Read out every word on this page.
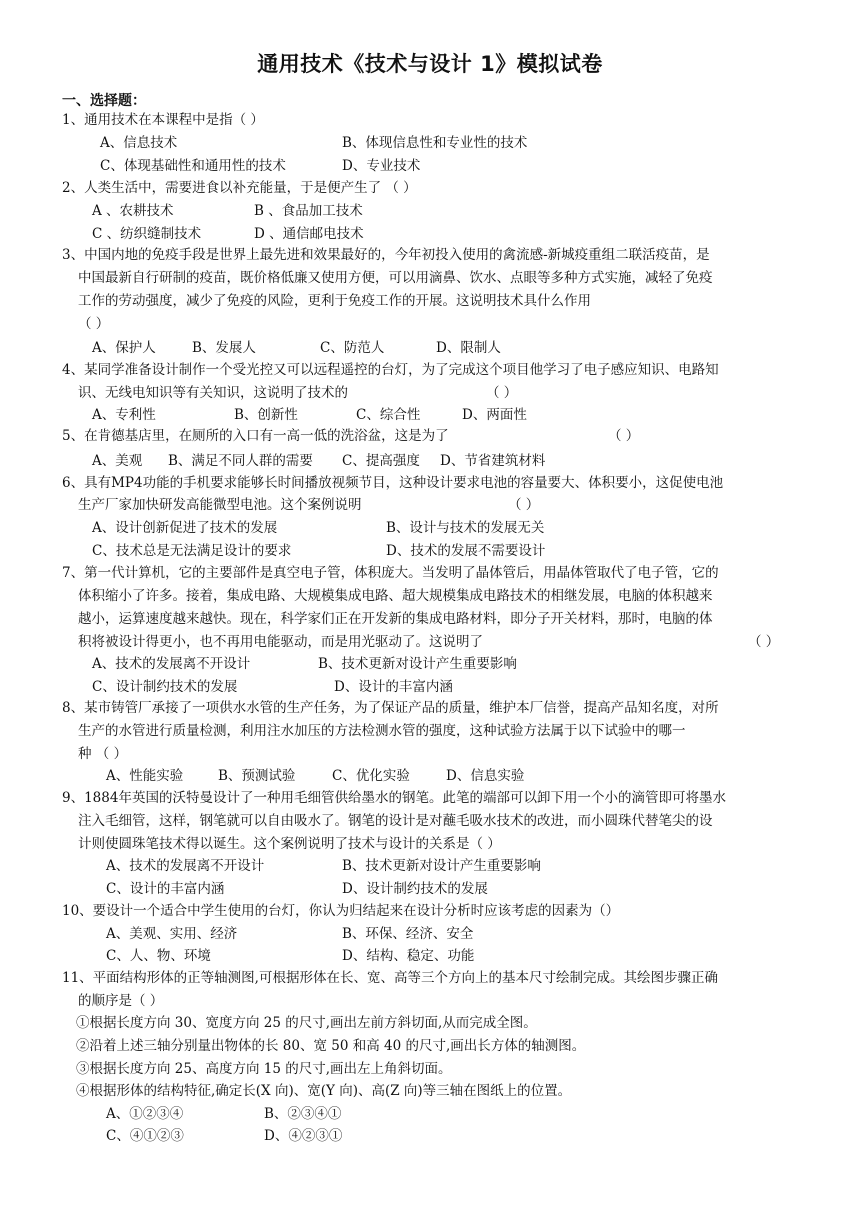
通用技术《技术与设计 1》模拟试卷
一、选择题：
1、通用技术在本课程中是指（ ）
A、信息技术	B、体现信息性和专业性的技术
C、体现基础性和通用性的技术	D、专业技术
2、人类生活中，需要进食以补充能量，于是便产生了 （ ）
A 、农耕技术	B 、食品加工技术
C 、纺织缝制技术	D 、通信邮电技术
3、中国内地的免疫手段是世界上最先进和效果最好的，今年初投入使用的禽流感-新城疫重组二联活疫苗，是
中国最新自行研制的疫苗，既价格低廉又使用方便，可以用滴鼻、饮水、点眼等多种方式实施，减轻了免疫
工作的劳动强度，减少了免疫的风险，更利于免疫工作的开展。这说明技术具什么作用
（ ）
A、保护人	B、发展人	C、防范人	D、限制人
4、某同学准备设计制作一个受光控又可以远程遥控的台灯，为了完成这个项目他学习了电子感应知识、电路知
识、无线电知识等有关知识，这说明了技术的	（ ）
A、专利性	B、创新性	C、综合性	D、两面性
5、在肯德基店里，在厕所的入口有一高一低的洗浴盆，这是为了	（ ）
A、美观 B、满足不同人群的需要 C、提高强度 D、节省建筑材料
6、具有MP4功能的手机要求能够长时间播放视频节目，这种设计要求电池的容量要大、体积要小，这促使电池
生产厂家加快研发高能微型电池。这个案例说明	（ ）
A、设计创新促进了技术的发展	B、设计与技术的发展无关
C、技术总是无法满足设计的要求	D、技术的发展不需要设计
7、第一代计算机，它的主要部件是真空电子管，体积庞大。当发明了晶体管后，用晶体管取代了电子管，它的
体积缩小了许多。接着，集成电路、大规模集成电路、超大规模集成电路技术的相继发展，电脑的体积越来
越小，运算速度越来越快。现在，科学家们正在开发新的集成电路材料，即分子开关材料，那时，电脑的体
积将被设计得更小，也不再用电能驱动，而是用光驱动了。这说明了	（ ）
A、技术的发展离不开设计	B、技术更新对设计产生重要影响
C、设计制约技术的发展	D、设计的丰富内涵
8、某市铸管厂承接了一项供水水管的生产任务，为了保证产品的质量，维护本厂信誉，提高产品知名度，对所
生产的水管进行质量检测，利用注水加压的方法检测水管的强度，这种试验方法属于以下试验中的哪一
种 （ ）
A、性能实验	B、预测试验	C、优化实验	D、信息实验
9、1884年英国的沃特曼设计了一种用毛细管供给墨水的钢笔。此笔的端部可以卸下用一个小的滴管即可将墨水
注入毛细管，这样，钢笔就可以自由吸水了。钢笔的设计是对蘸毛吸水技术的改进，而小圆珠代替笔尖的设
计则使圆珠笔技术得以诞生。这个案例说明了技术与设计的关系是（ ）
A、技术的发展离不开设计	B、技术更新对设计产生重要影响
C、设计的丰富内涵	D、设计制约技术的发展
10、要设计一个适合中学生使用的台灯，你认为归结起来在设计分析时应该考虑的因素为（）
A、美观、实用、经济	B、环保、经济、安全
C、人、物、环境	D、结构、稳定、功能
11、平面结构形体的正等轴测图,可根据形体在长、宽、高等三个方向上的基本尺寸绘制完成。其绘图步骤正确
的顺序是（ ）
①根据长度方向 30、宽度方向 25 的尺寸,画出左前方斜切面,从而完成全图。
②沿着上述三轴分别量出物体的长 80、宽 50 和高 40 的尺寸,画出长方体的轴测图。
③根据长度方向 25、高度方向 15 的尺寸,画出左上角斜切面。
④根据形体的结构特征,确定长(X 向)、宽(Y 向)、高(Z 向)等三轴在图纸上的位置。
A、①②③④	B、②③④①
C、④①②③	D、④②③①
